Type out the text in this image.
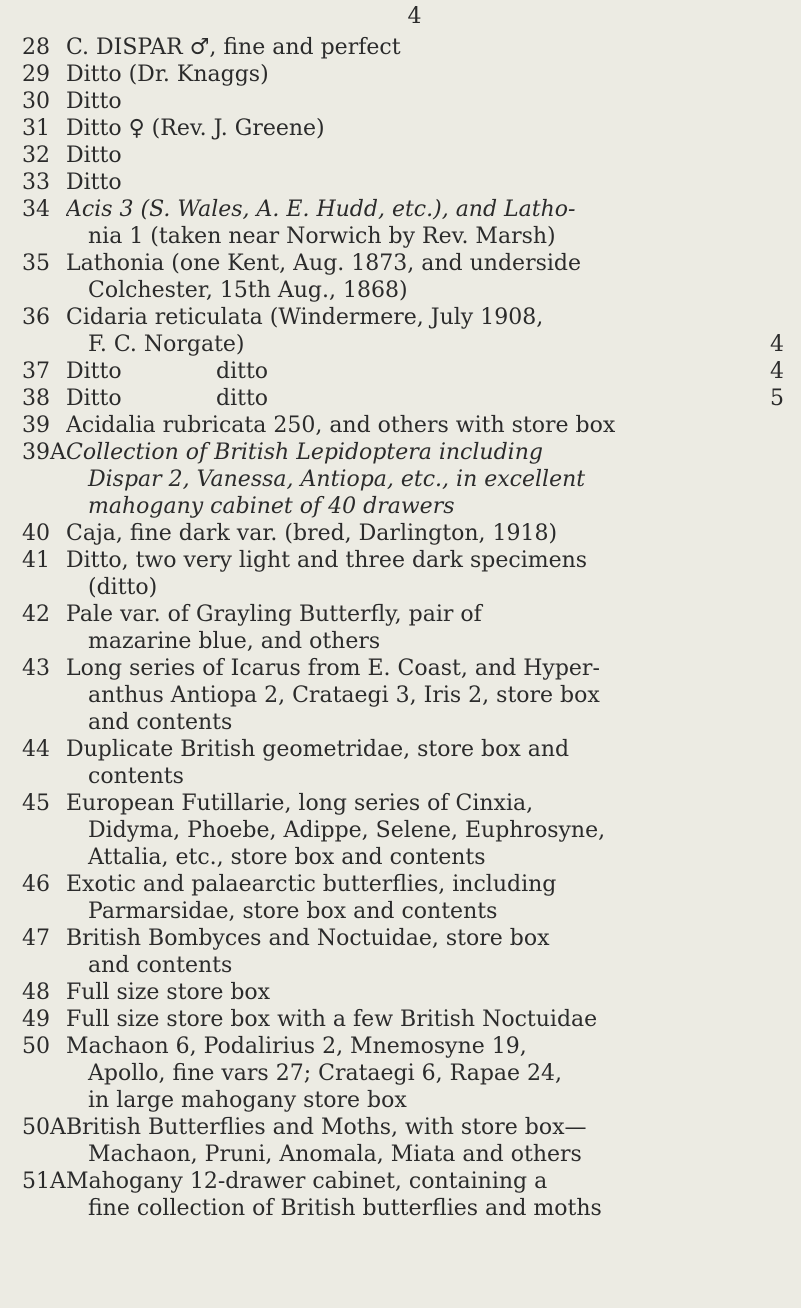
4
28 C. DISPAR ♂, fine and perfect
29 Ditto (Dr. Knaggs)
30 Ditto
31 Ditto ♀ (Rev. J. Greene)
32 Ditto
33 Ditto
34 Acis 3 (S. Wales, A. E. Hudd, etc.), and Latho-
nia 1 (taken near Norwich by Rev. Marsh)
35 Lathonia (one Kent, Aug. 1873, and underside
Colchester, 15th Aug., 1868)
36 Cidaria reticulata (Windermere, July 1908,
F. C. Norgate)	4
37 Ditto	ditto	4
38 Ditto	ditto	5
39 Acidalia rubricata 250, and others with store box
39A Collection of British Lepidoptera including
Dispar 2, Vanessa, Antiopa, etc., in excellent
mahogany cabinet of 40 drawers
40 Caja, fine dark var. (bred, Darlington, 1918)
41 Ditto, two very light and three dark specimens
(ditto)
42 Pale var. of Grayling Butterfly, pair of
mazarine blue, and others
43 Long series of Icarus from E. Coast, and Hyper-
anthus Antiopa 2, Crataegi 3, Iris 2, store box
and contents
44 Duplicate British geometridae, store box and
contents
45 European Futillarie, long series of Cinxia,
Didyma, Phoebe, Adippe, Selene, Euphrosyne,
Attalia, etc., store box and contents
46 Exotic and palaearctic butterflies, including
Parmarsidae, store box and contents
47 British Bombyces and Noctuidae, store box
and contents
48 Full size store box
49 Full size store box with a few British Noctuidae
50 Machaon 6, Podalirius 2, Mnemosyne 19,
Apollo, fine vars 27; Crataegi 6, Rapae 24,
in large mahogany store box
50A British Butterflies and Moths, with store box—
Machaon, Pruni, Anomala, Miata and others
51A Mahogany 12-drawer cabinet, containing a
fine collection of British butterflies and moths
